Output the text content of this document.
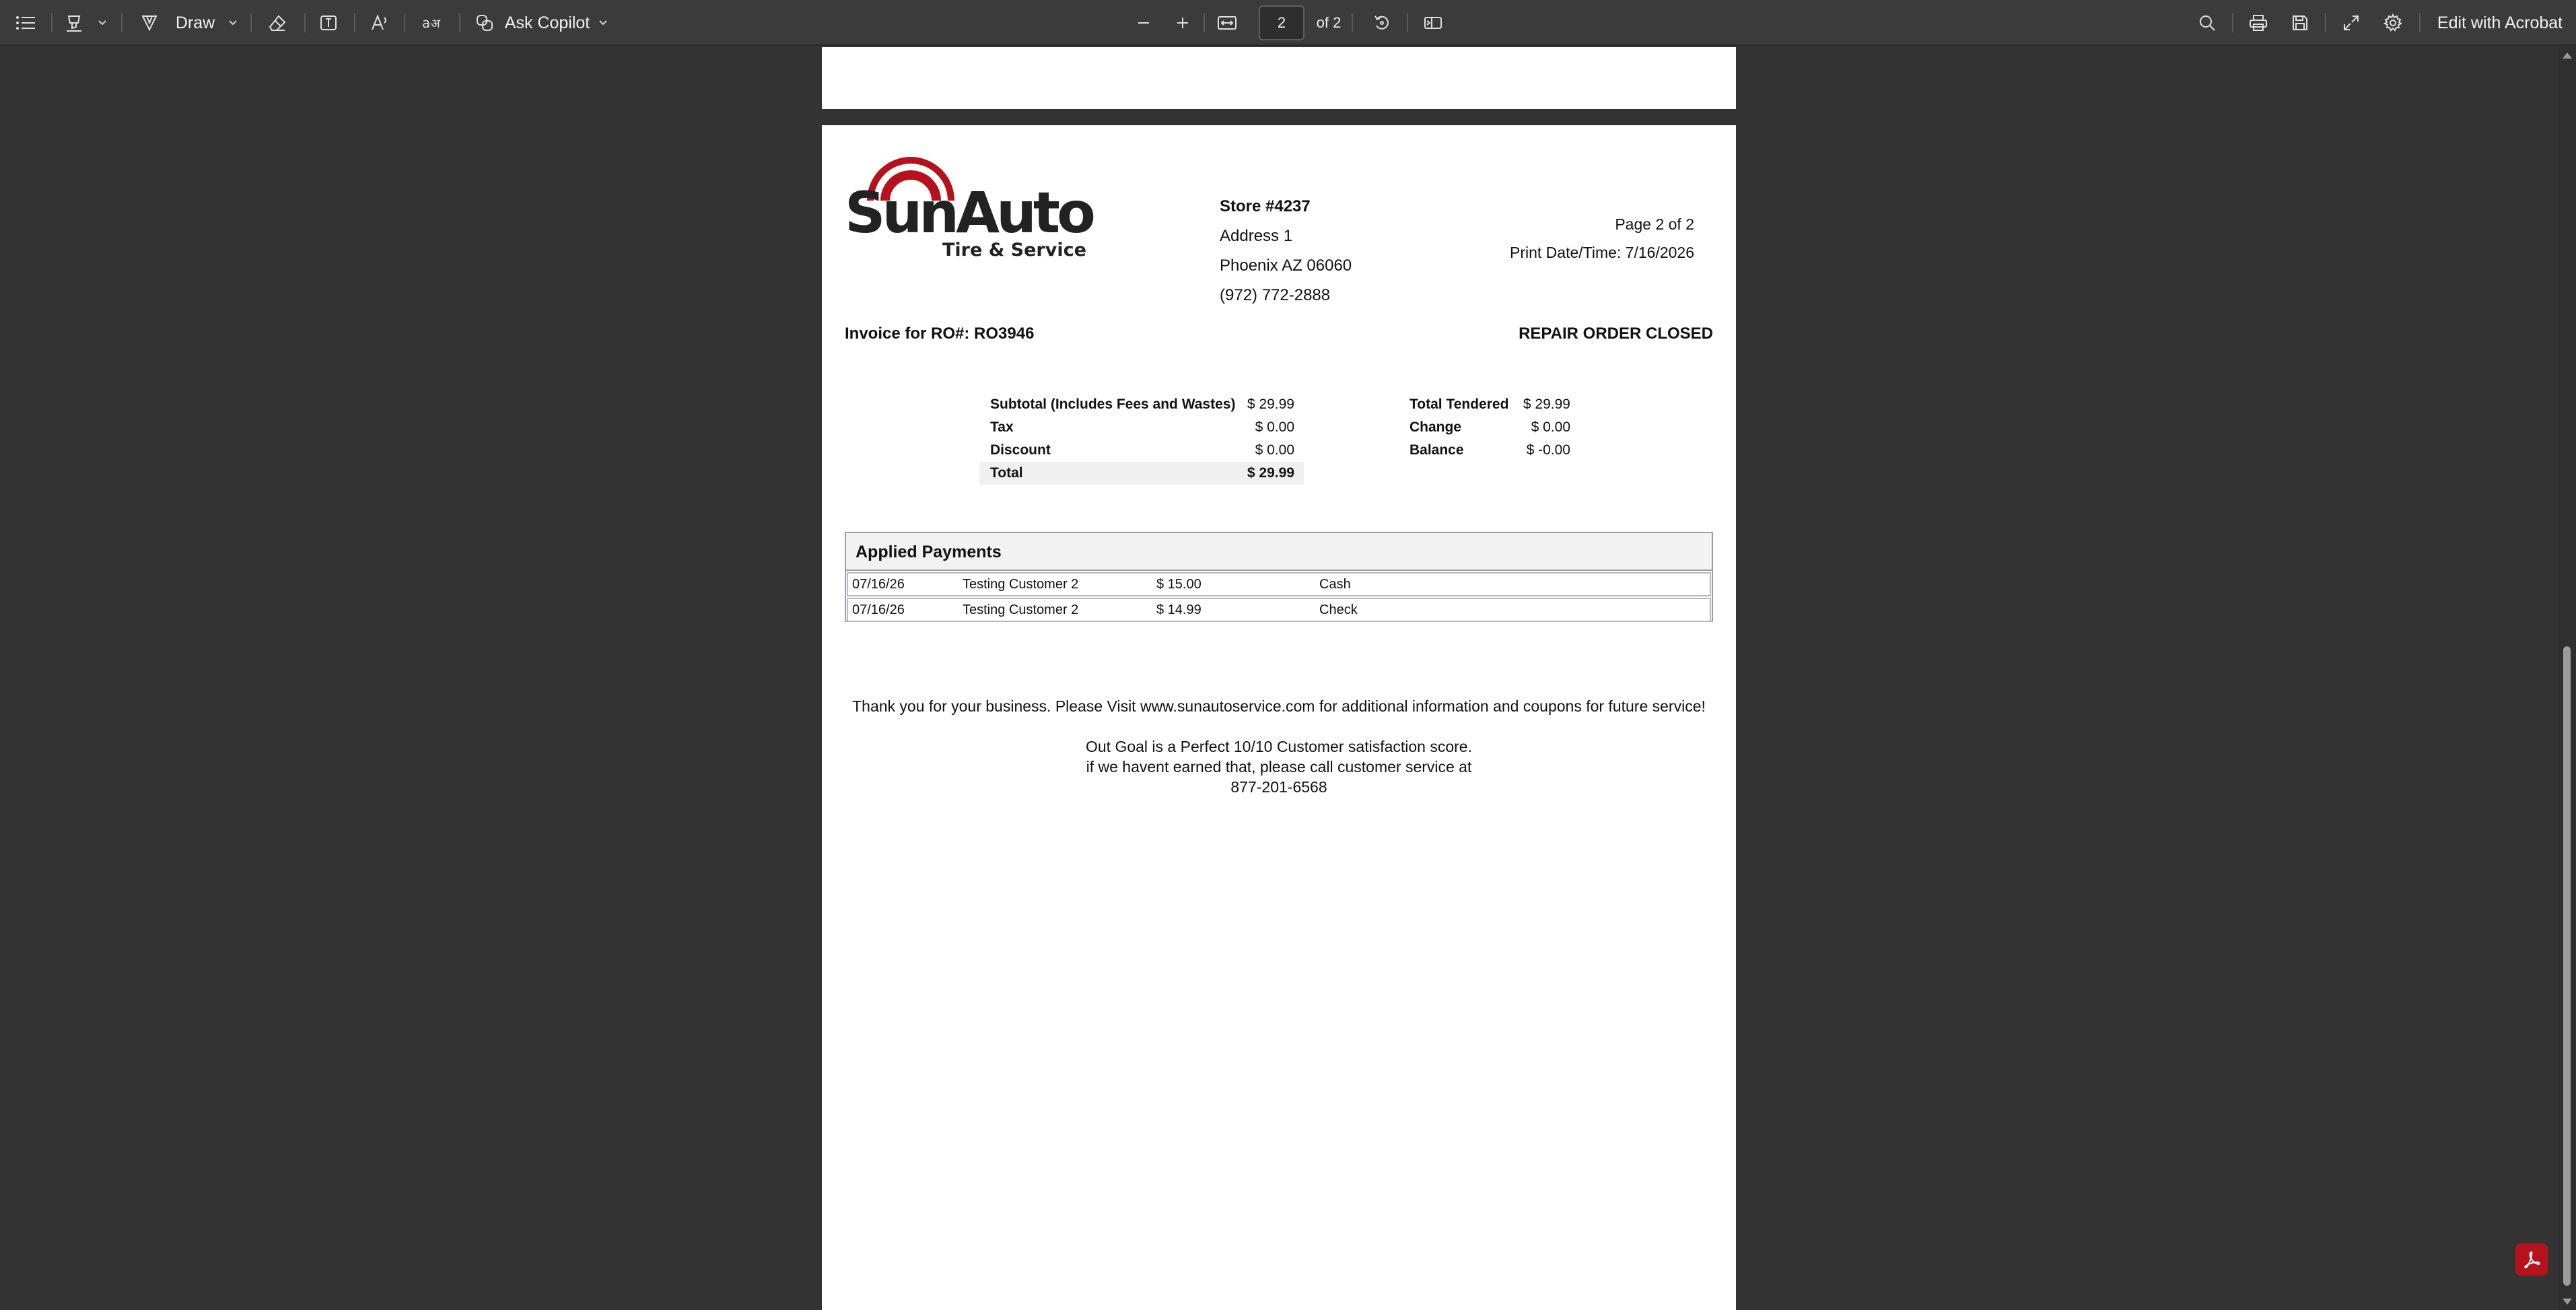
Draw	a अ	Ask Copilot	2	of 2	Edit with Acrobat
SunAuto
Tire & Service
Store #4237
Address 1
Phoenix AZ 06060
(972) 772-2888
Page 2 of 2
Print Date/Time: 7/16/2026
Invoice for RO#: RO3946	REPAIR ORDER CLOSED
Subtotal (Includes Fees and Wastes) $ 29.99
Tax	$ 0.00
Discount	$ 0.00
Total	$ 29.99
Total Tendered	$ 29.99
Change	$ 0.00
Balance	$ -0.00
Applied Payments
07/16/26	Testing Customer 2	$ 15.00	Cash
07/16/26	Testing Customer 2	$ 14.99	Check
Thank you for your business. Please Visit www.sunautoservice.com for additional information and coupons for future service!
Out Goal is a Perfect 10/10 Customer satisfaction score.
if we havent earned that, please call customer service at
877-201-6568
